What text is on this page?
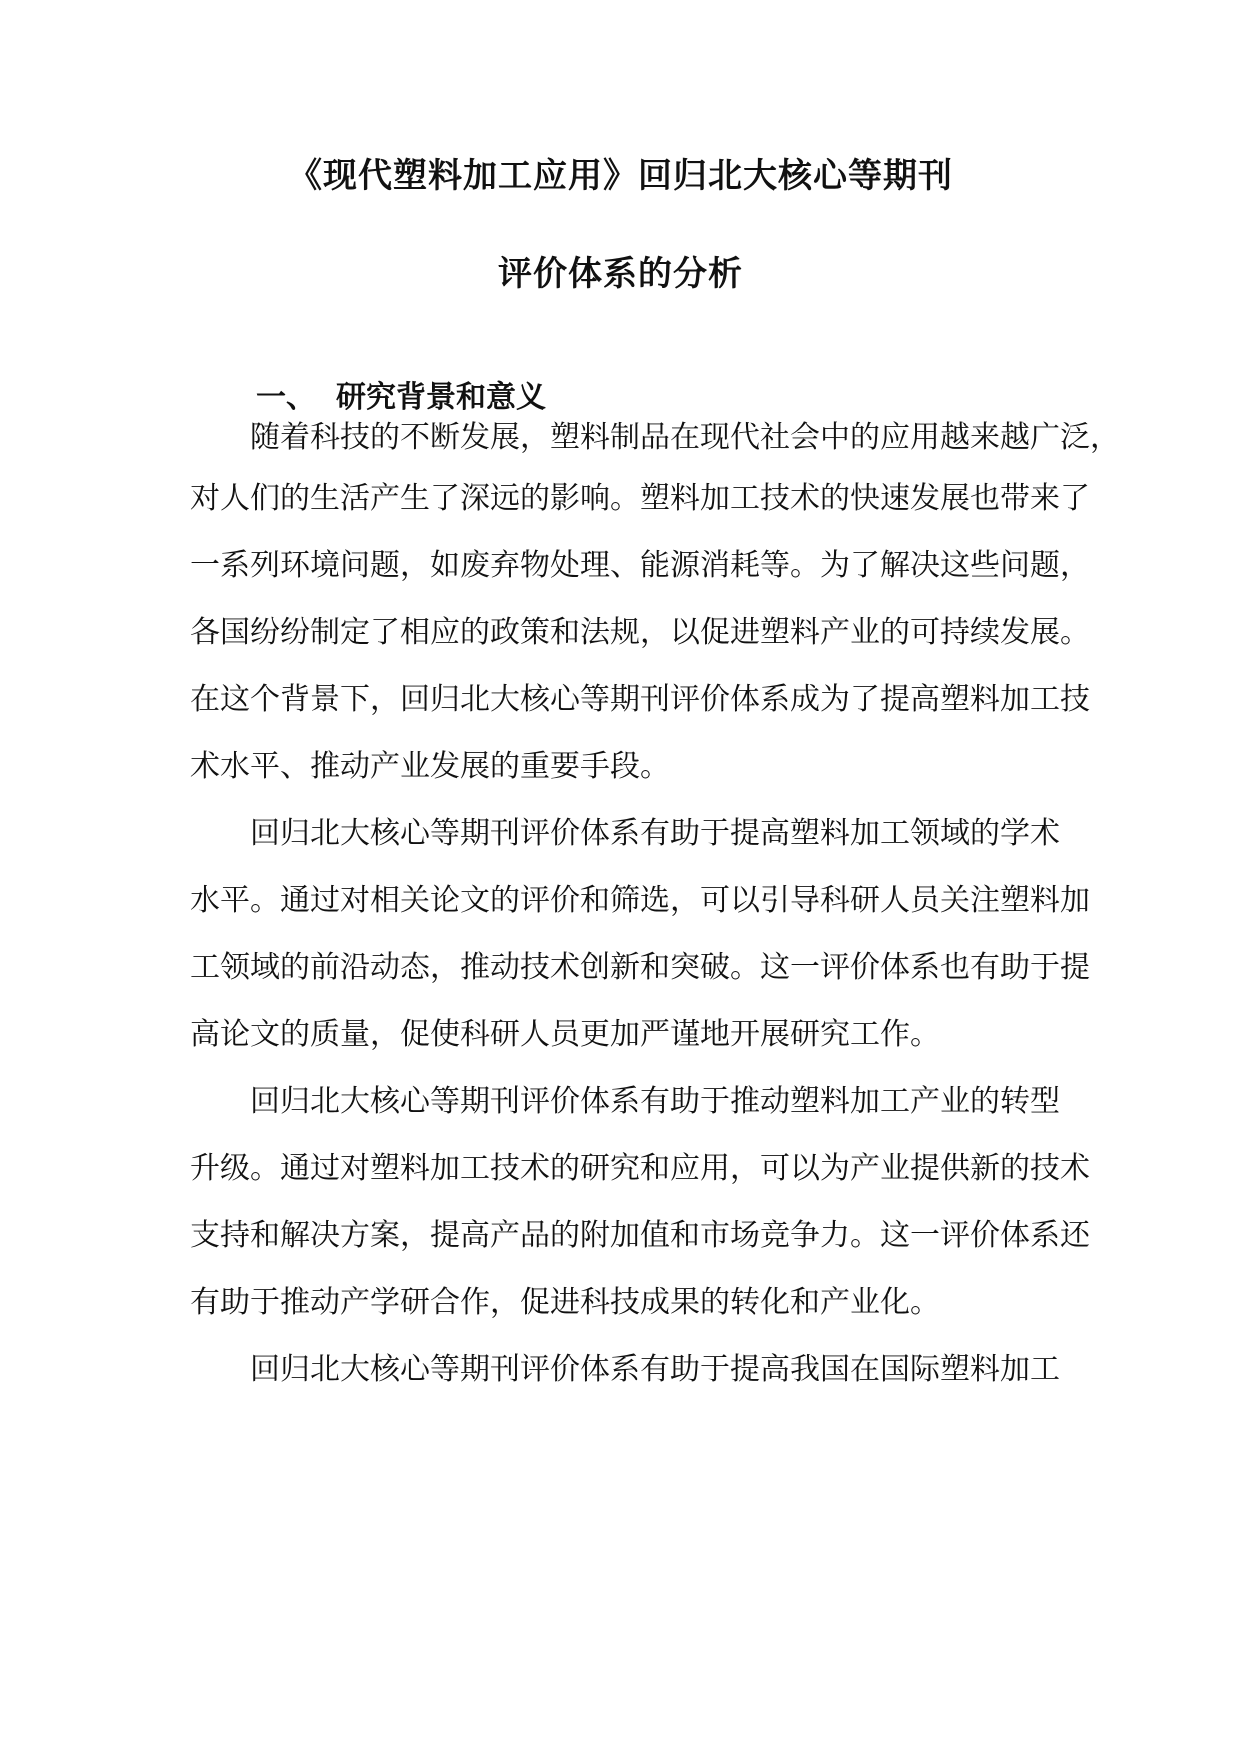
《现代塑料加工应用》回归北大核心等期刊
评价体系的分析
一、 研究背景和意义
随着科技的不断发展，塑料制品在现代社会中的应用越来越广泛，
对人们的生活产生了深远的影响。塑料加工技术的快速发展也带来了
一系列环境问题，如废弃物处理、能源消耗等。为了解决这些问题，
各国纷纷制定了相应的政策和法规，以促进塑料产业的可持续发展。
在这个背景下，回归北大核心等期刊评价体系成为了提高塑料加工技
术水平、推动产业发展的重要手段。
回归北大核心等期刊评价体系有助于提高塑料加工领域的学术
水平。通过对相关论文的评价和筛选，可以引导科研人员关注塑料加
工领域的前沿动态，推动技术创新和突破。这一评价体系也有助于提
高论文的质量，促使科研人员更加严谨地开展研究工作。
回归北大核心等期刊评价体系有助于推动塑料加工产业的转型
升级。通过对塑料加工技术的研究和应用，可以为产业提供新的技术
支持和解决方案，提高产品的附加值和市场竞争力。这一评价体系还
有助于推动产学研合作，促进科技成果的转化和产业化。
回归北大核心等期刊评价体系有助于提高我国在国际塑料加工
